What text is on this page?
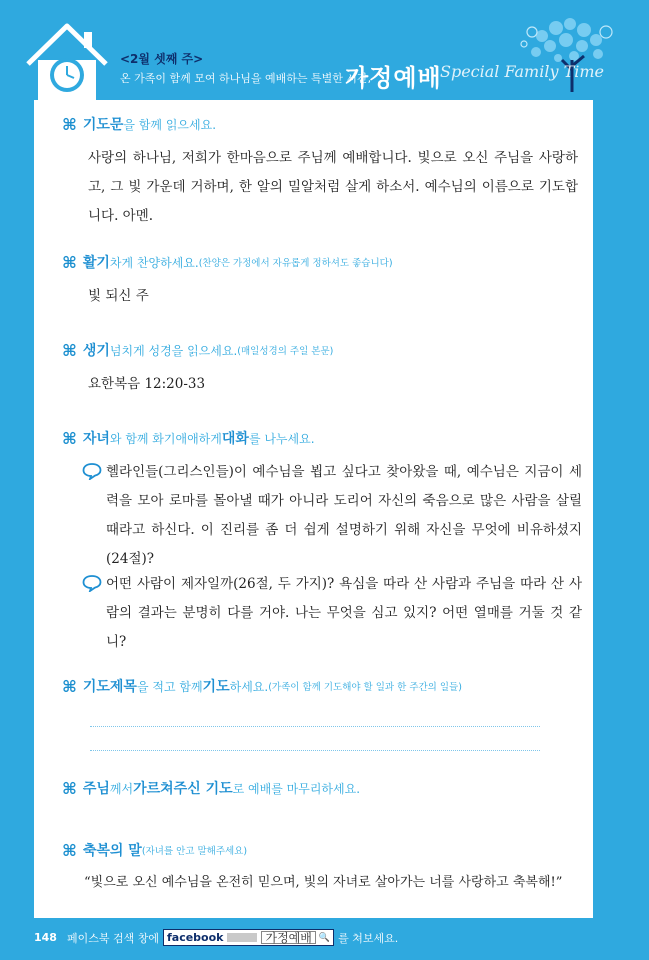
<2월 셋째 주>
온 가족이 함께 모여 하나님을 예배하는 특별한 시간,
가정예배
Special Family Time
⌘ 기도문 을 함께 읽으세요.
사랑의 하나님, 저희가 한마음으로 주님께 예배합니다. 빛으로 오신 주님을 사랑하고, 그 빛 가운데 거하며, 한 알의 밀알처럼 살게 하소서. 예수님의 이름으로 기도합니다. 아멘.
⌘ 활기 차게 찬양하세요. (찬양은 가정에서 자유롭게 정하셔도 좋습니다)
빛 되신 주
⌘ 생기 넘치게 성경을 읽으세요. (매일성경의 주일 본문)
요한복음 12:20-33
⌘ 자녀 와 함께 화기애애하게 대화 를 나누세요.
헬라인들(그리스인들)이 예수님을 뵙고 싶다고 찾아왔을 때, 예수님은 지금이 세력을 모아 로마를 몰아낼 때가 아니라 도리어 자신의 죽음으로 많은 사람을 살릴 때라고 하신다. 이 진리를 좀 더 쉽게 설명하기 위해 자신을 무엇에 비유하셨지(24절)?
어떤 사람이 제자일까(26절, 두 가지)? 욕심을 따라 산 사람과 주님을 따라 산 사람의 결과는 분명히 다를 거야. 나는 무엇을 심고 있지? 어떤 열매를 거둘 것 같니?
⌘ 기도제목 을 적고 함께 기도 하세요. (가족이 함께 기도해야 할 일과 한 주간의 일들)
⌘ 주님 께서 가르쳐주신 기도 로 예배를 마무리하세요.
⌘ 축복의 말 (자녀를 안고 말해주세요)
“빛으로 오신 예수님을 온전히 믿으며, 빛의 자녀로 살아가는 너를 사랑하고 축복해!”
148 페이스북 검색 창에 facebook	가정예배 🔍 를 쳐보세요.
